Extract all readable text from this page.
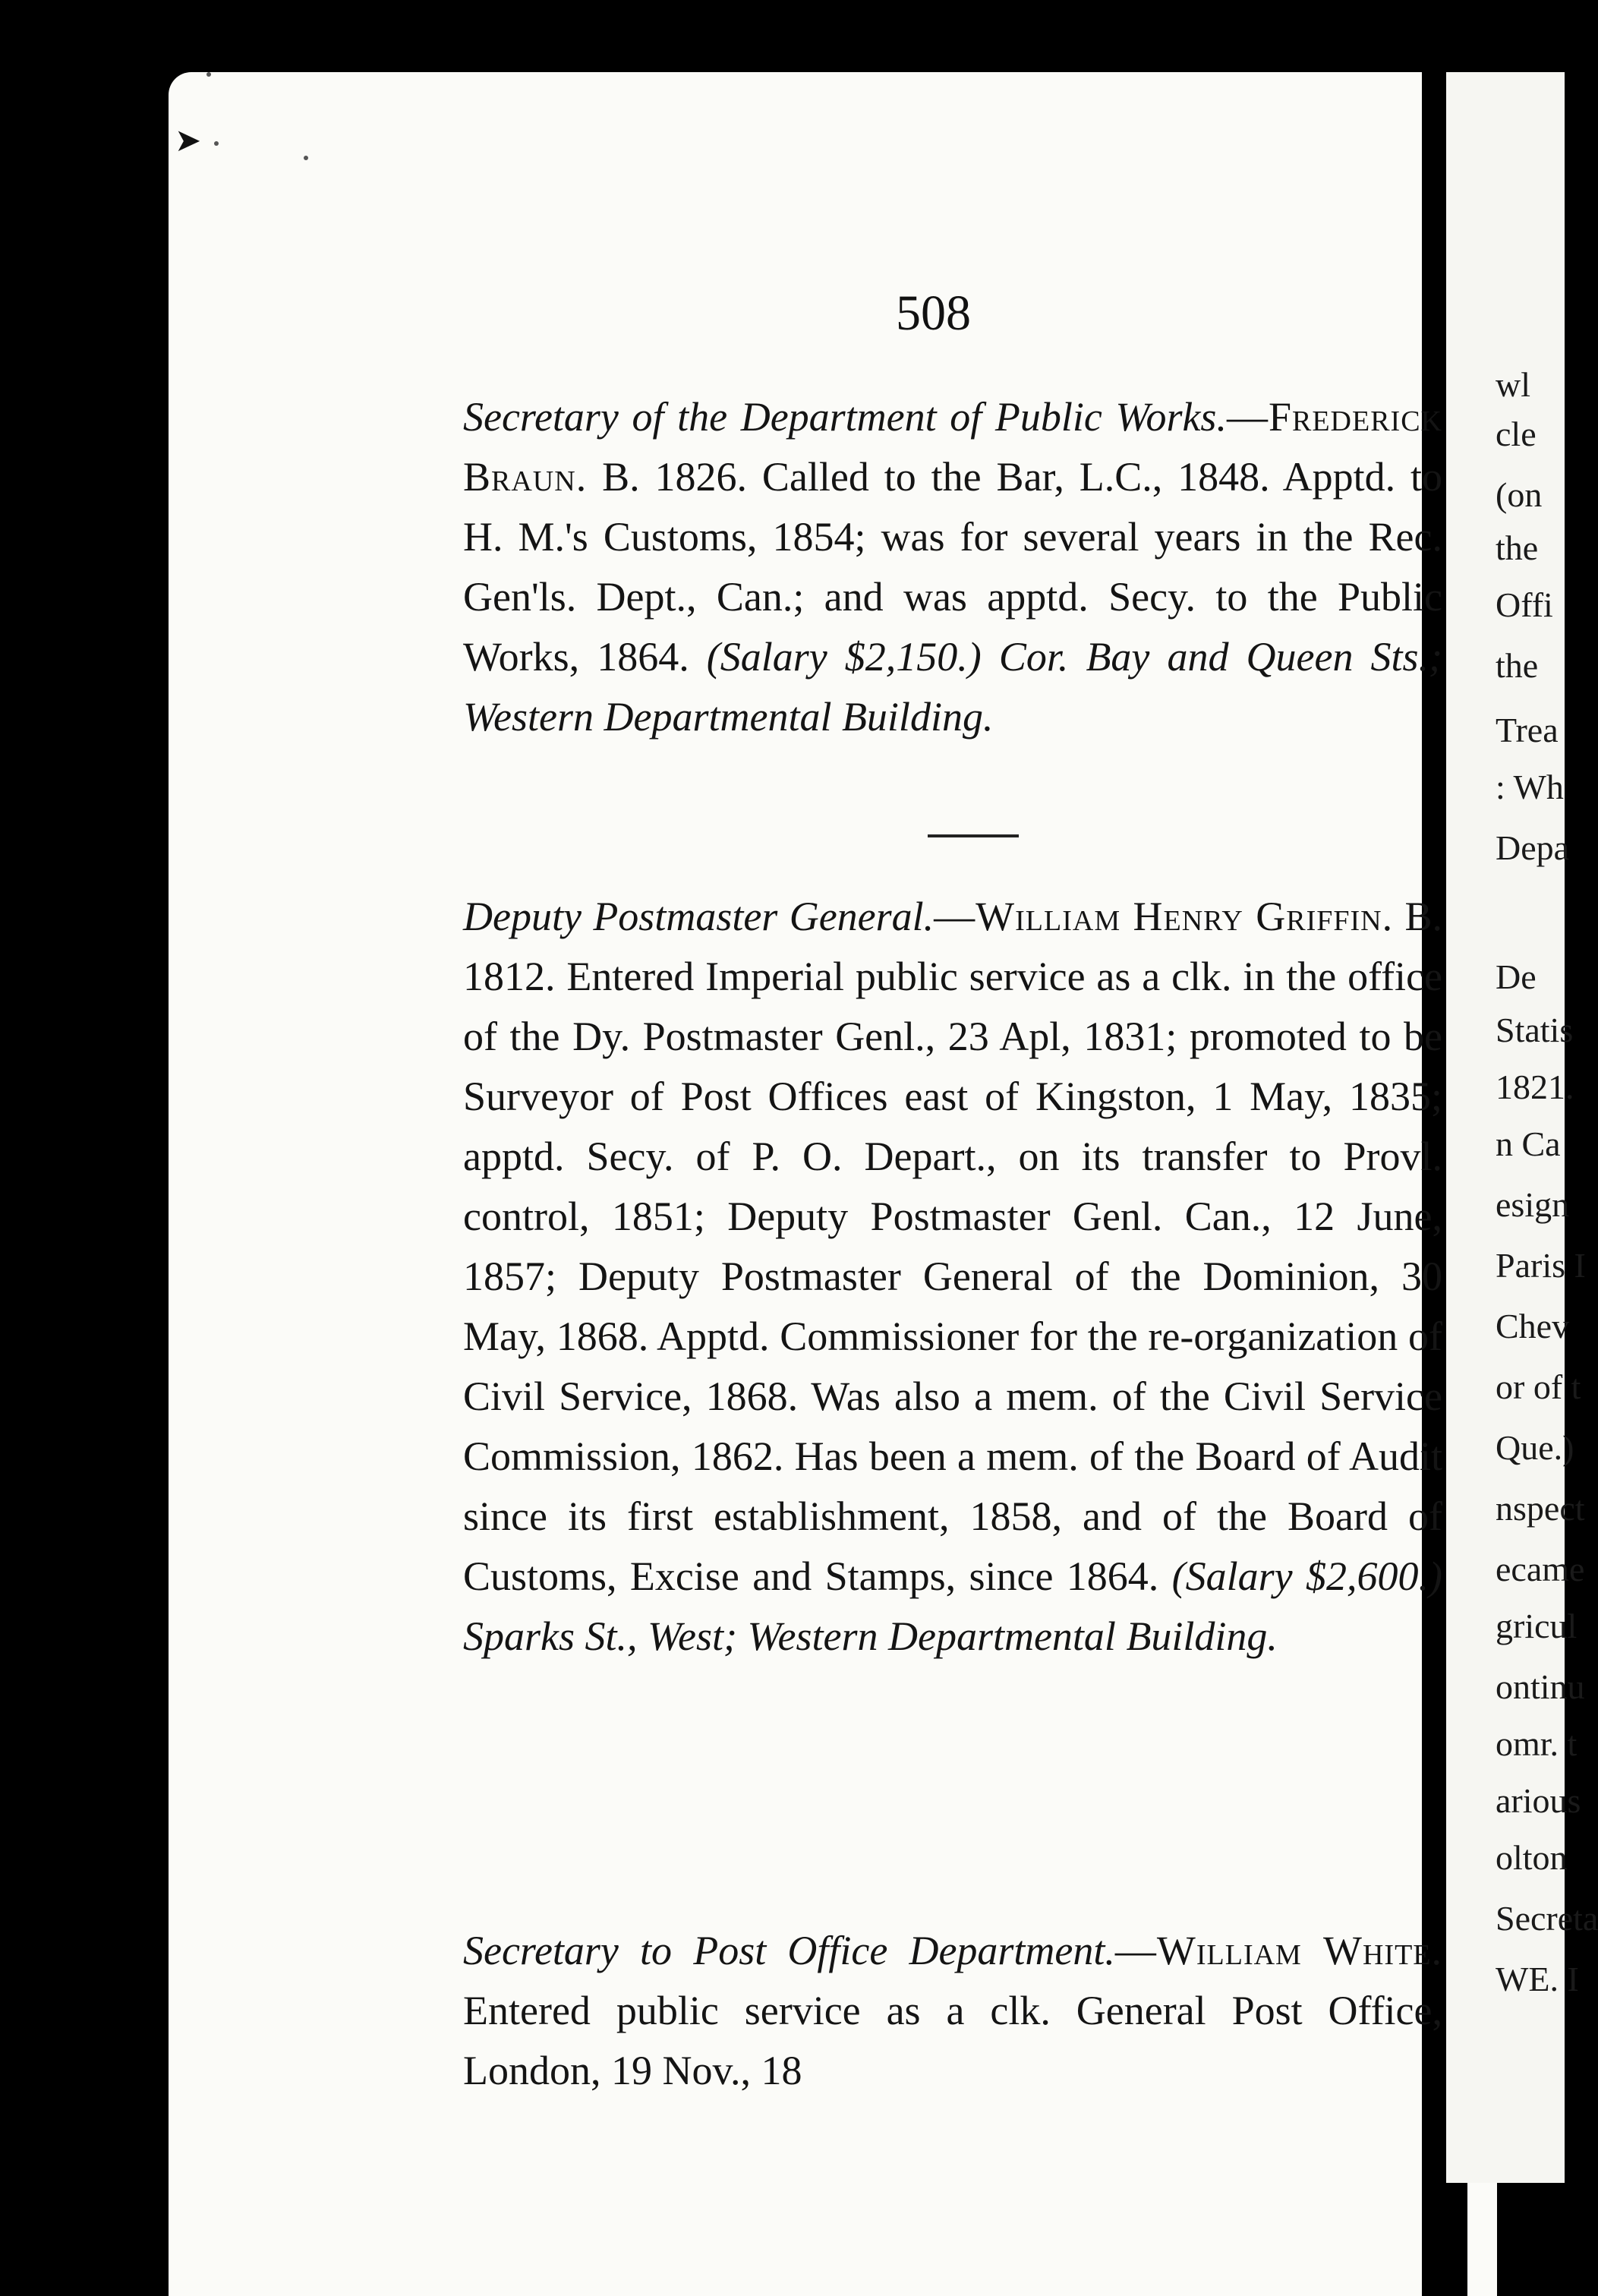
➤
508

Secretary of the Department of Public Works.—Frederick Braun. B. 1826. Called to the Bar, L.C., 1848. Apptd. to H. M.'s Customs, 1854; was for several years in the Rec. Gen'ls. Dept., Can.; and was apptd. Secy. to the Public Works, 1864. (Salary $2,150.) Cor. Bay and Queen Sts.; Western Departmental Building.

Deputy Postmaster General.—William Henry Griffin. B. 1812. Entered Imperial public service as a clk. in the office of the Dy. Postmaster Genl., 23 Apl, 1831; promoted to be Surveyor of Post Offices east of Kingston, 1 May, 1835; apptd. Secy. of P. O. Depart., on its transfer to Provl. control, 1851; Deputy Postmaster Genl. Can., 12 June, 1857; Deputy Postmaster General of the Dominion, 30 May, 1868. Apptd. Commissioner for the re-organization of Civil Service, 1868. Was also a mem. of the Civil Service Commission, 1862. Has been a mem. of the Board of Audit since its first establishment, 1858, and of the Board of Customs, Excise and Stamps, since 1864. (Salary $2,600.) Sparks St., West; Western Departmental Building.

Secretary to Post Office Department.—William White. Entered public service as a clk. General Post Office, London, 19 Nov., 18

wl
cle
(on
the
Offi
the
Trea
: Wh
Depa
De
Statis
1821.
n Ca
esign
Paris I
Chev
or of t
Que.)
nspect
ecame
gricul
ontinu
omr. t
arious
olton
Secreta
WE. I
